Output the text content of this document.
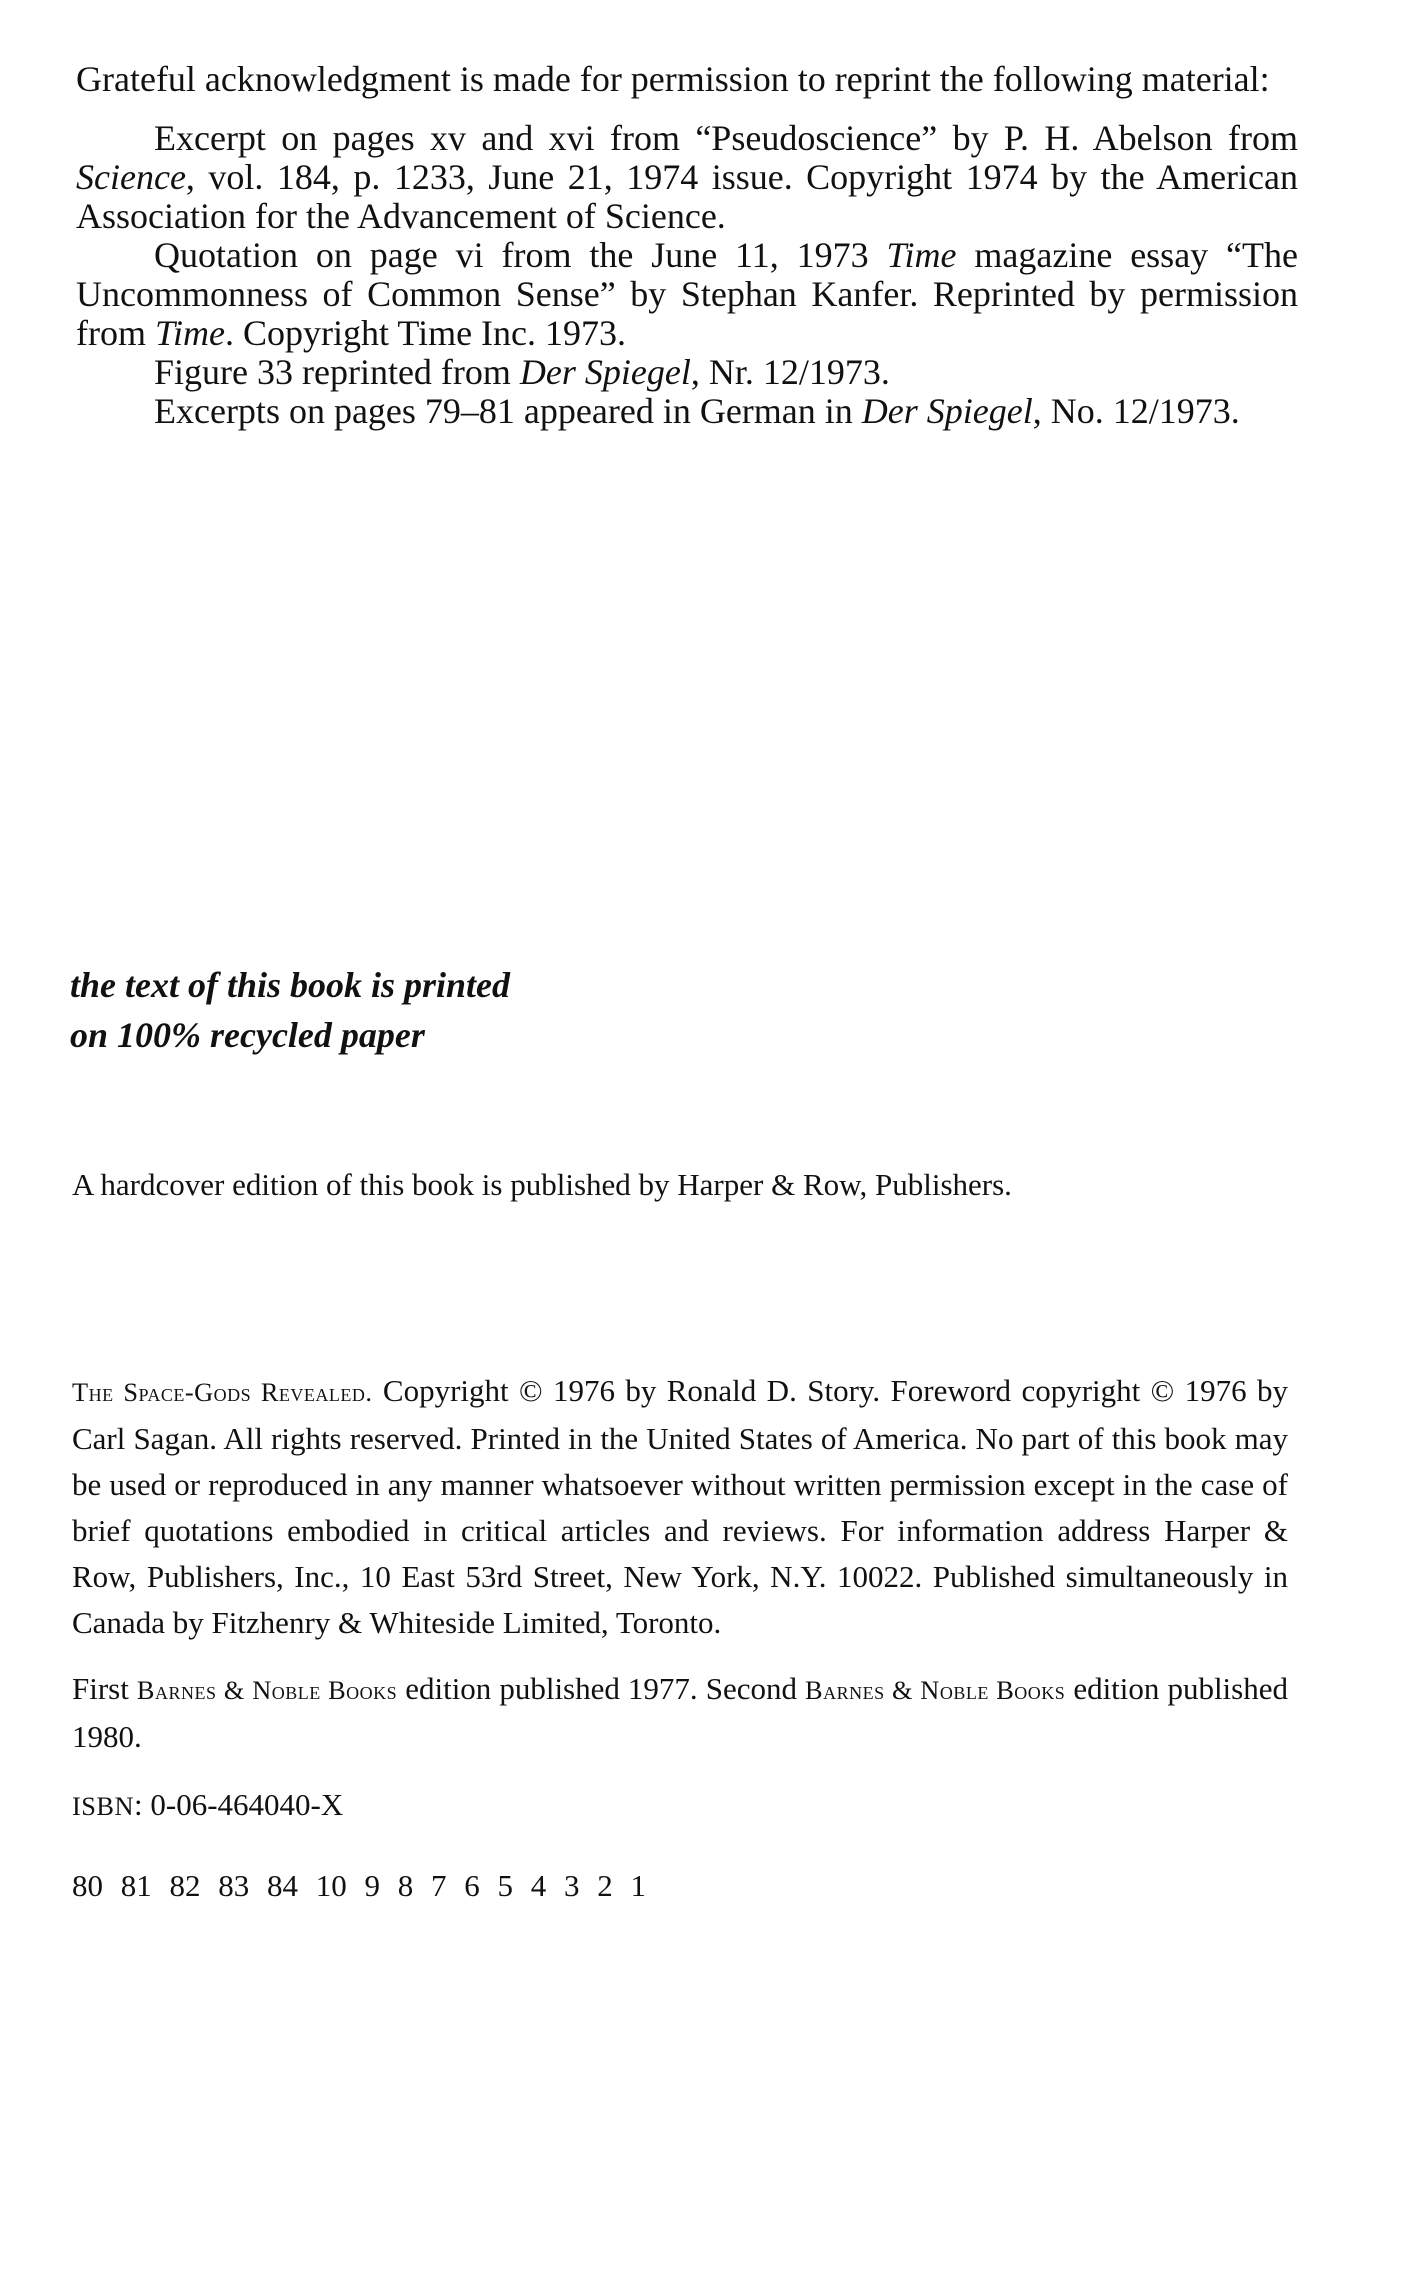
Grateful acknowledgment is made for permission to reprint the following material:

Excerpt on pages xv and xvi from “Pseudoscience” by P. H. Abelson from Science, vol. 184, p. 1233, June 21, 1974 issue. Copyright 1974 by the American Association for the Advancement of Science.

Quotation on page vi from the June 11, 1973 Time magazine essay “The Uncommonness of Common Sense” by Stephan Kanfer. Reprinted by permission from Time. Copyright Time Inc. 1973.

Figure 33 reprinted from Der Spiegel, Nr. 12/1973.

Excerpts on pages 79–81 appeared in German in Der Spiegel, No. 12/1973.

the text of this book is printed

on 100% recycled paper

A hardcover edition of this book is published by Harper & Row, Publishers.

The Space-Gods Revealed. Copyright © 1976 by Ronald D. Story. Foreword copyright © 1976 by Carl Sagan. All rights reserved. Printed in the United States of America. No part of this book may be used or reproduced in any manner whatsoever without written permission except in the case of brief quotations embodied in critical articles and reviews. For information address Harper & Row, Publishers, Inc., 10 East 53rd Street, New York, N.Y. 10022. Published simultaneously in Canada by Fitzhenry & Whiteside Limited, Toronto.

First Barnes & Noble Books edition published 1977. Second Barnes & Noble Books edition published 1980.

ISBN: 0-06-464040-X
80 81 82 83 84 10 9 8 7 6 5 4 3 2 1
